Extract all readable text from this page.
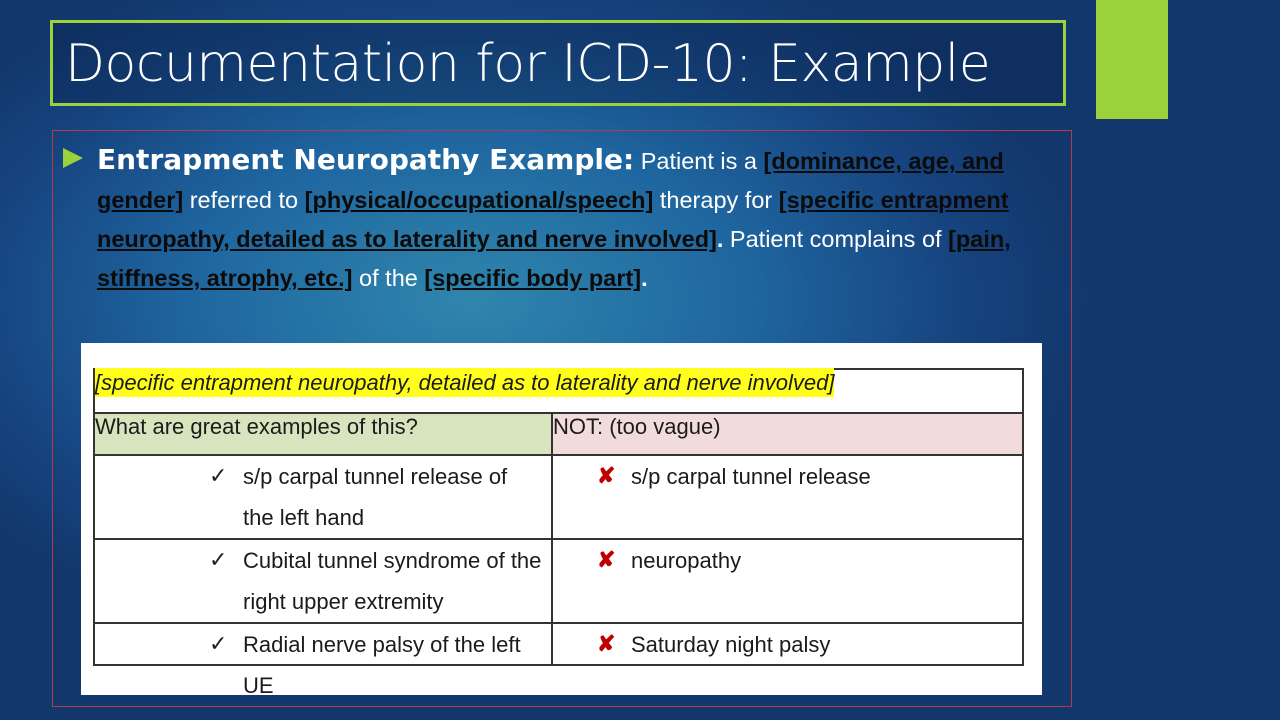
Documentation for ICD-10: Example
Entrapment Neuropathy Example: Patient is a [dominance, age, and gender] referred to [physical/occupational/speech] therapy for [specific entrapment neuropathy, detailed as to laterality and nerve involved]. Patient complains of [pain, stiffness, atrophy, etc.] of the [specific body part].
[specific entrapment neuropathy, detailed as to laterality and nerve involved]	
What are great examples of this?	NOT: (too vague)

✓ s/p carpal tunnel release of the left hand	✘ s/p carpal tunnel release

✓ Cubital tunnel syndrome of the right upper extremity	✘ neuropathy

✓ Radial nerve palsy of the left UE	✘ Saturday night palsy
